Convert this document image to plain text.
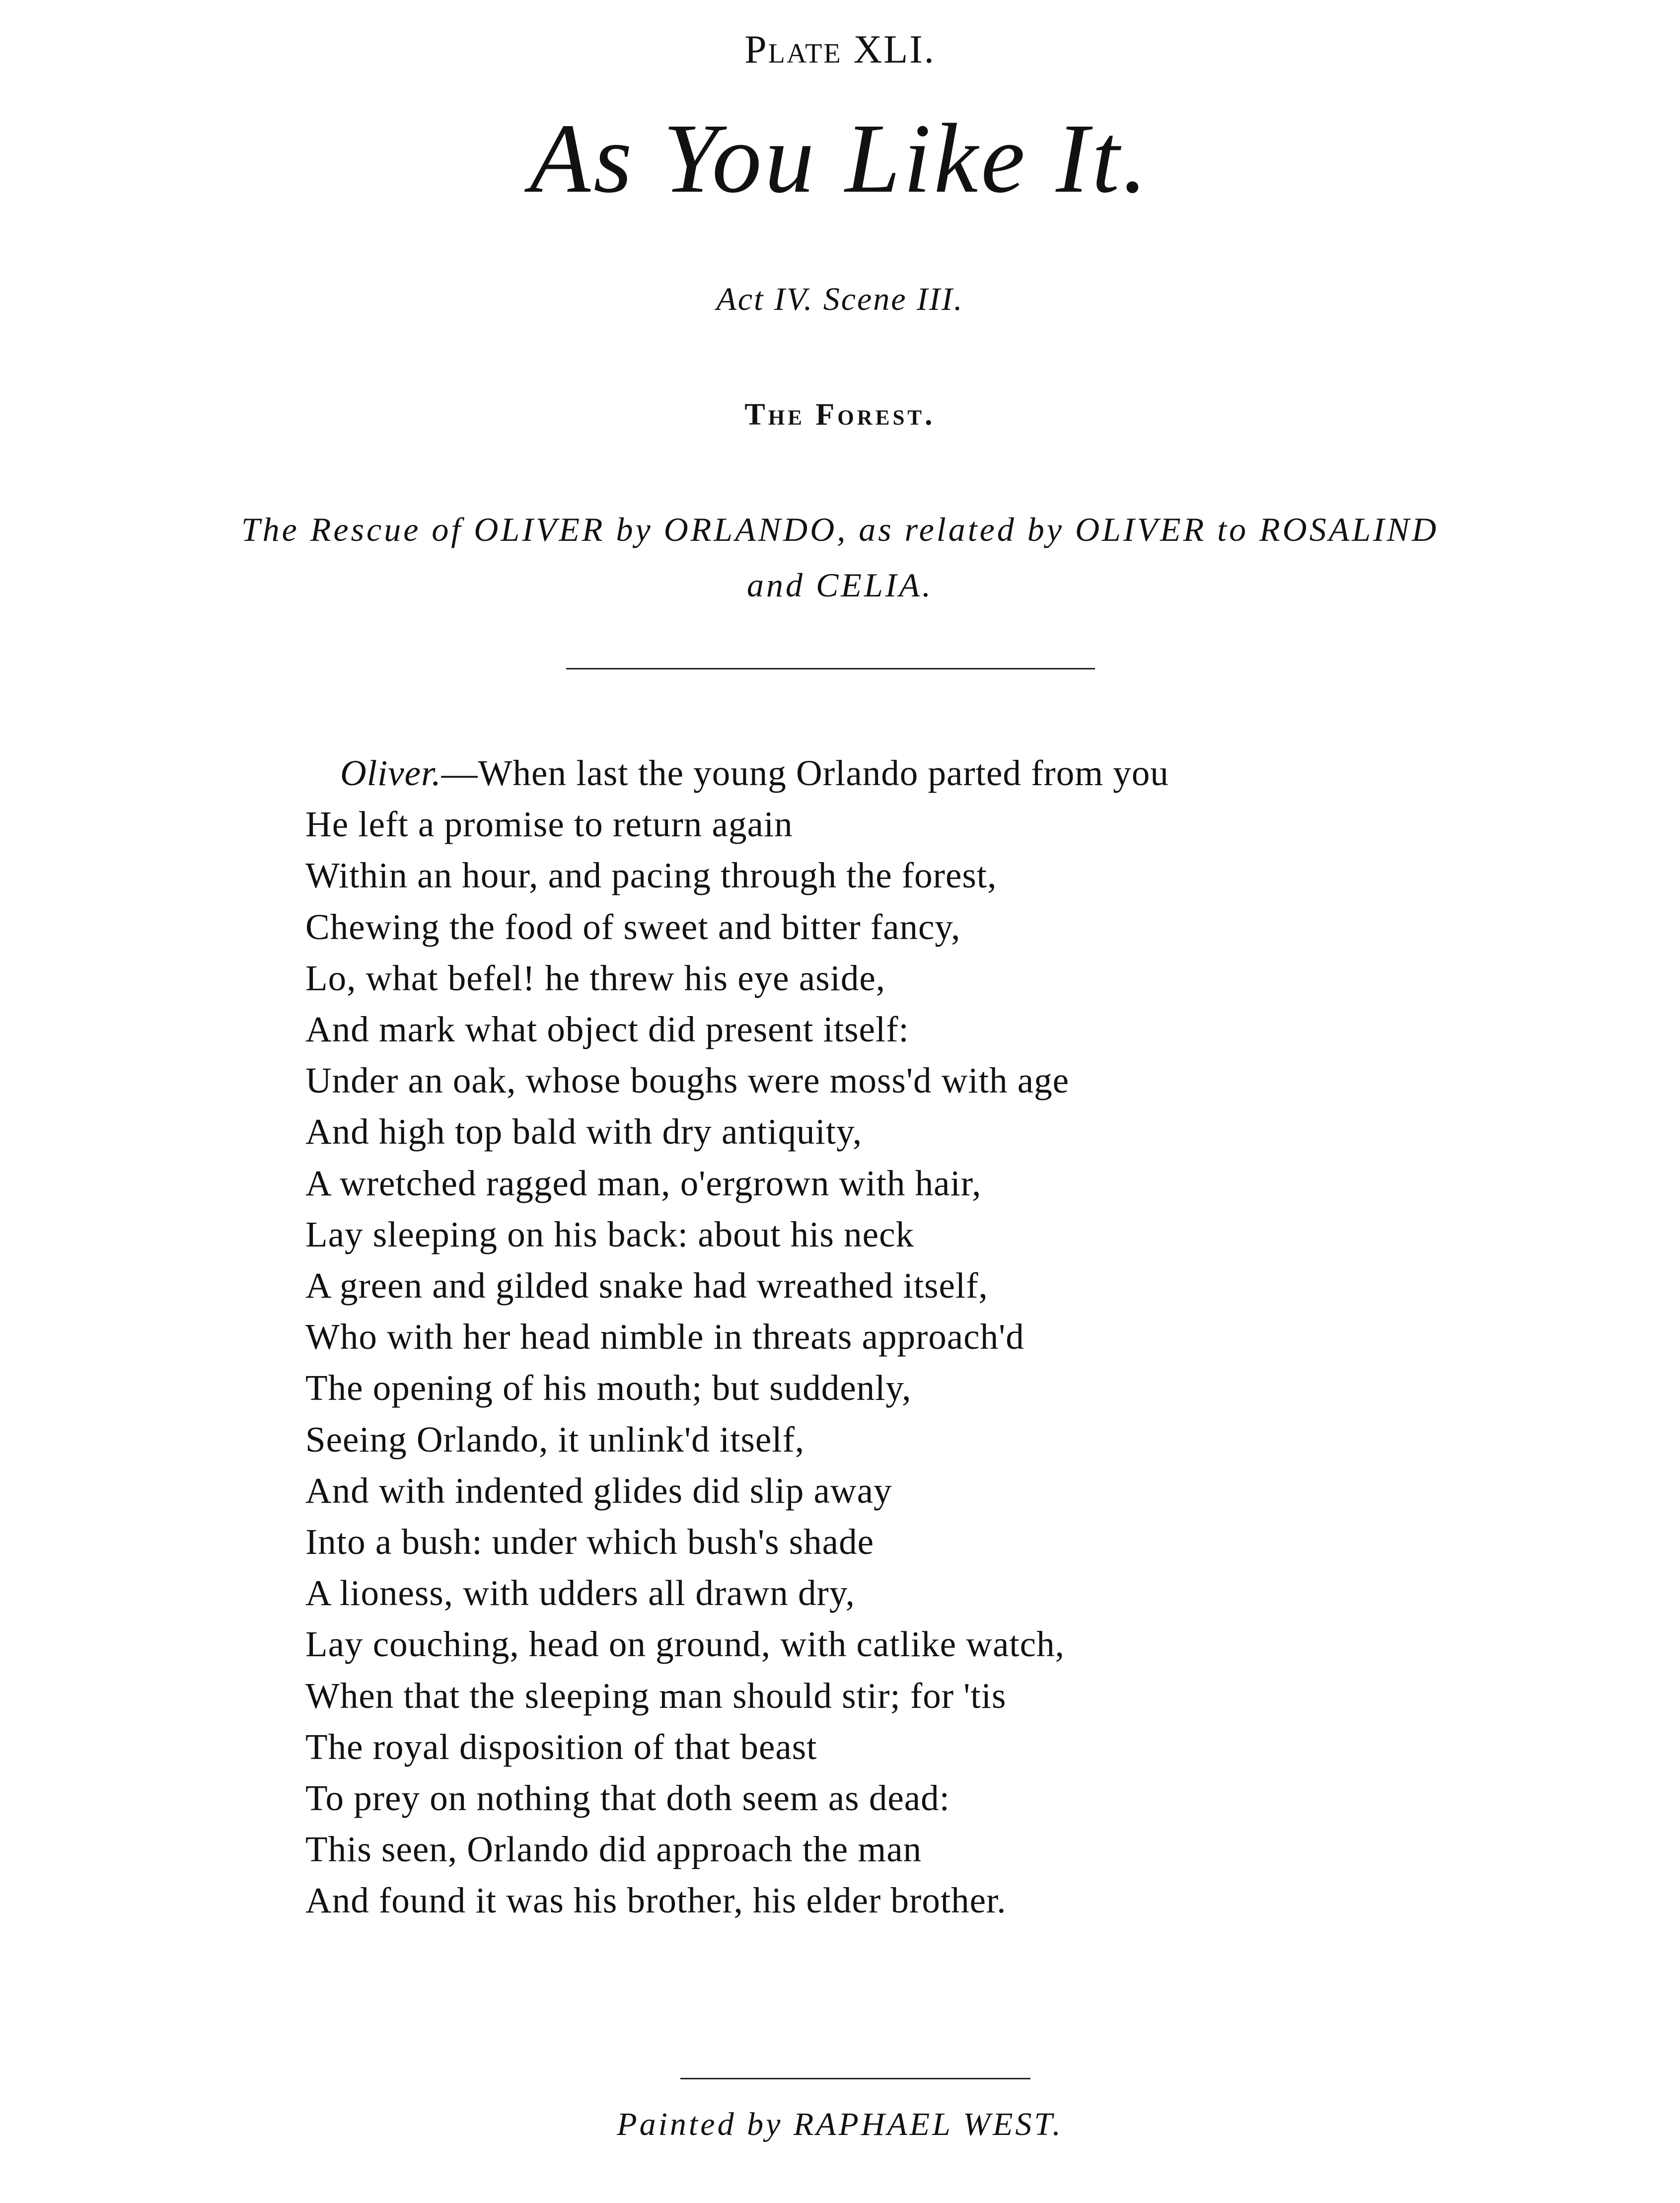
Plate XLI.
As You Like It.
Act IV. Scene III.
The Forest.
The Rescue of OLIVER by ORLANDO, as related by OLIVER to ROSALIND
and CELIA.
Oliver.—When last the young Orlando parted from you
He left a promise to return again
Within an hour, and pacing through the forest,
Chewing the food of sweet and bitter fancy,
Lo, what befel! he threw his eye aside,
And mark what object did present itself:
Under an oak, whose boughs were moss'd with age
And high top bald with dry antiquity,
A wretched ragged man, o'ergrown with hair,
Lay sleeping on his back: about his neck
A green and gilded snake had wreathed itself,
Who with her head nimble in threats approach'd
The opening of his mouth; but suddenly,
Seeing Orlando, it unlink'd itself,
And with indented glides did slip away
Into a bush: under which bush's shade
A lioness, with udders all drawn dry,
Lay couching, head on ground, with catlike watch,
When that the sleeping man should stir; for 'tis
The royal disposition of that beast
To prey on nothing that doth seem as dead:
This seen, Orlando did approach the man
And found it was his brother, his elder brother.
Painted by RAPHAEL WEST.
